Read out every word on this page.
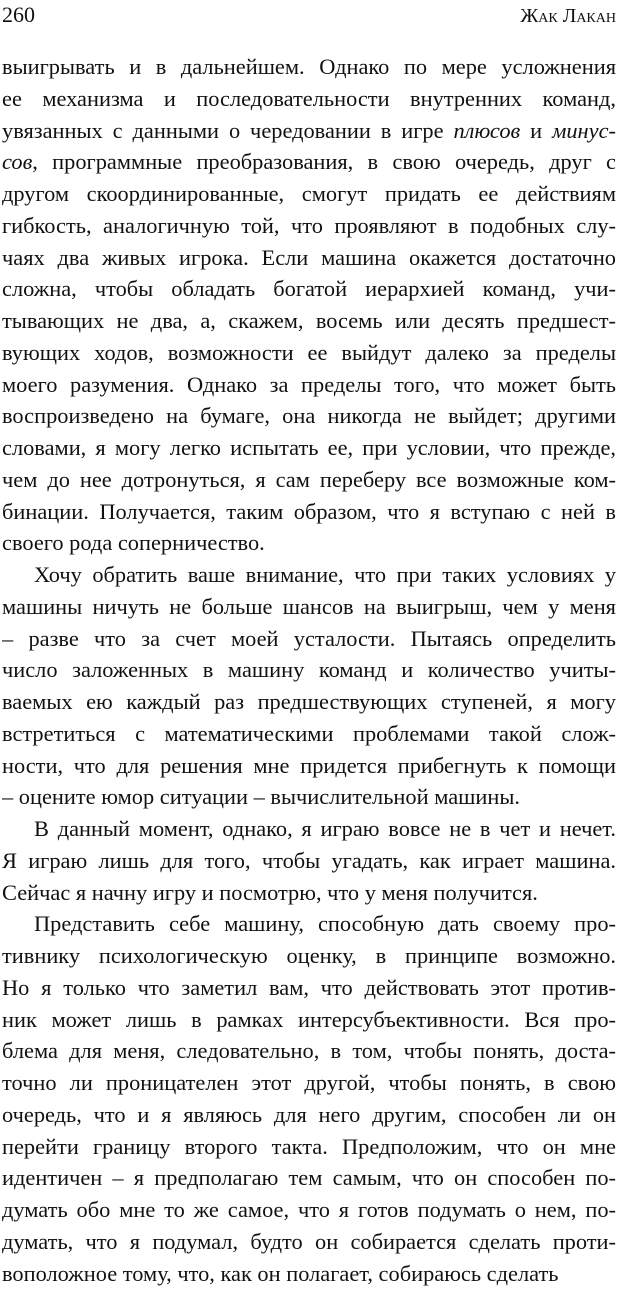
260	Жак Лакан
выигрывать и в дальнейшем. Однако по мере усложнения
ее механизма и последовательности внутренних команд,
увязанных с данными о чередовании в игре плюсов и минус-
сов, программные преобразования, в свою очередь, друг с
другом скоординированные, смогут придать ее действиям
гибкость, аналогичную той, что проявляют в подобных слу-
чаях два живых игрока. Если машина окажется достаточно
сложна, чтобы обладать богатой иерархией команд, учи-
тывающих не два, а, скажем, восемь или десять предшест-
вующих ходов, возможности ее выйдут далеко за пределы
моего разумения. Однако за пределы того, что может быть
воспроизведено на бумаге, она никогда не выйдет; другими
словами, я могу легко испытать ее, при условии, что прежде,
чем до нее дотронуться, я сам переберу все возможные ком-
бинации. Получается, таким образом, что я вступаю с ней в
своего рода соперничество.
Хочу обратить ваше внимание, что при таких условиях у
машины ничуть не больше шансов на выигрыш, чем у меня
– разве что за счет моей усталости. Пытаясь определить
число заложенных в машину команд и количество учиты-
ваемых ею каждый раз предшествующих ступеней, я могу
встретиться с математическими проблемами такой слож-
ности, что для решения мне придется прибегнуть к помощи
– оцените юмор ситуации – вычислительной машины.
В данный момент, однако, я играю вовсе не в чет и нечет.
Я играю лишь для того, чтобы угадать, как играет машина.
Сейчас я начну игру и посмотрю, что у меня получится.
Представить себе машину, способную дать своему про-
тивнику психологическую оценку, в принципе возможно.
Но я только что заметил вам, что действовать этот против-
ник может лишь в рамках интерсубъективности. Вся про-
блема для меня, следовательно, в том, чтобы понять, доста-
точно ли проницателен этот другой, чтобы понять, в свою
очередь, что и я являюсь для него другим, способен ли он
перейти границу второго такта. Предположим, что он мне
идентичен – я предполагаю тем самым, что он способен по-
думать обо мне то же самое, что я готов подумать о нем, по-
думать, что я подумал, будто он собирается сделать проти-
воположное тому, что, как он полагает, собираюсь сделать
